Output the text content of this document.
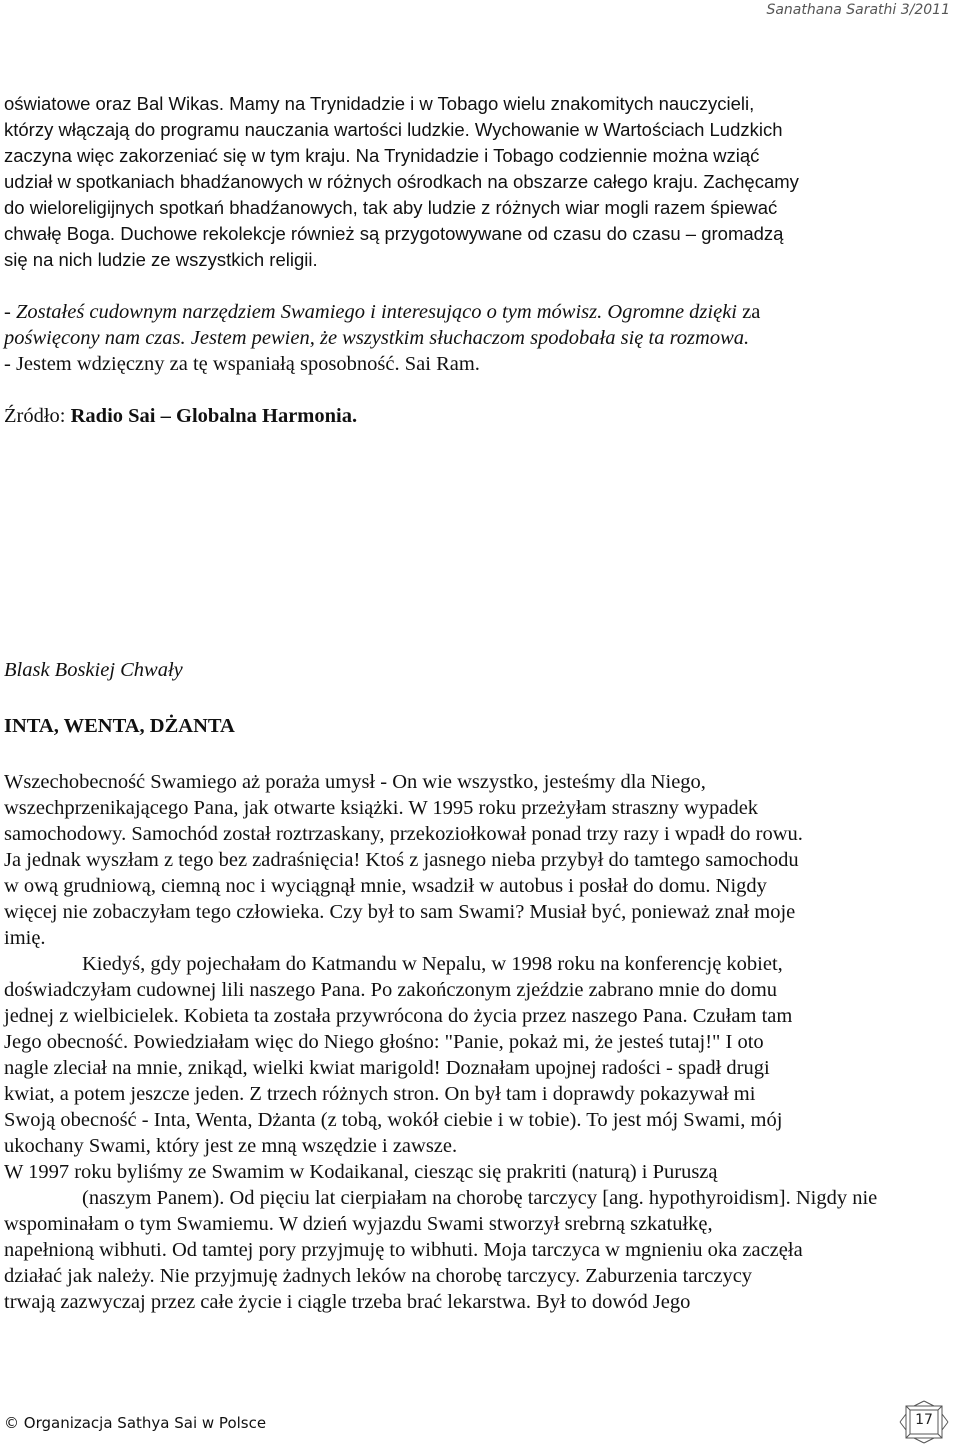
Sanathana Sarathi 3/2011
oświatowe oraz Bal Wikas. Mamy na Trynidadzie i w Tobago wielu znakomitych nauczycieli,
którzy włączają do programu nauczania wartości ludzkie. Wychowanie w Wartościach Ludzkich
zaczyna więc zakorzeniać się w tym kraju. Na Trynidadzie i Tobago codziennie można wziąć
udział w spotkaniach bhadźanowych w różnych ośrodkach na obszarze całego kraju. Zachęcamy
do wieloreligijnych spotkań bhadźanowych, tak aby ludzie z różnych wiar mogli razem śpiewać
chwałę Boga. Duchowe rekolekcje również są przygotowywane od czasu do czasu – gromadzą
się na nich ludzie ze wszystkich religii.
- Zostałeś cudownym narzędziem Swamiego i interesująco o tym mówisz. Ogromne dzięki za
poświęcony nam czas. Jestem pewien, że wszystkim słuchaczom spodobała się ta rozmowa.
- Jestem wdzięczny za tę wspaniałą sposobność. Sai Ram.
Źródło: Radio Sai – Globalna Harmonia.
Blask Boskiej Chwały
INTA, WENTA, DŻANTA
Wszechobecność Swamiego aż poraża umysł - On wie wszystko, jesteśmy dla Niego,
wszechprzenikającego Pana, jak otwarte książki. W 1995 roku przeżyłam straszny wypadek
samochodowy. Samochód został roztrzaskany, przekoziołkował ponad trzy razy i wpadł do rowu.
Ja jednak wyszłam z tego bez zadraśnięcia! Ktoś z jasnego nieba przybył do tamtego samochodu
w ową grudniową, ciemną noc i wyciągnął mnie, wsadził w autobus i posłał do domu. Nigdy
więcej nie zobaczyłam tego człowieka. Czy był to sam Swami? Musiał być, ponieważ znał moje
imię.
Kiedyś, gdy pojechałam do Katmandu w Nepalu, w 1998 roku na konferencję kobiet,
doświadczyłam cudownej lili naszego Pana. Po zakończonym zjeździe zabrano mnie do domu
jednej z wielbicielek. Kobieta ta została przywrócona do życia przez naszego Pana. Czułam tam
Jego obecność. Powiedziałam więc do Niego głośno: "Panie, pokaż mi, że jesteś tutaj!" I oto
nagle zleciał na mnie, znikąd, wielki kwiat marigold! Doznałam upojnej radości - spadł drugi
kwiat, a potem jeszcze jeden. Z trzech różnych stron. On był tam i doprawdy pokazywał mi
Swoją obecność - Inta, Wenta, Dżanta (z tobą, wokół ciebie i w tobie). To jest mój Swami, mój
ukochany Swami, który jest ze mną wszędzie i zawsze.
W 1997 roku byliśmy ze Swamim w Kodaikanal, ciesząc się prakriti (naturą) i Puruszą
(naszym Panem). Od pięciu lat cierpiałam na chorobę tarczycy [ang. hypothyroidism]. Nigdy nie
wspominałam o tym Swamiemu. W dzień wyjazdu Swami stworzył srebrną szkatułkę,
napełnioną wibhuti. Od tamtej pory przyjmuję to wibhuti. Moja tarczyca w mgnieniu oka zaczęła
działać jak należy. Nie przyjmuję żadnych leków na chorobę tarczycy. Zaburzenia tarczycy
trwają zazwyczaj przez całe życie i ciągle trzeba brać lekarstwa. Był to dowód Jego
© Organizacja Sathya Sai w Polsce	17
